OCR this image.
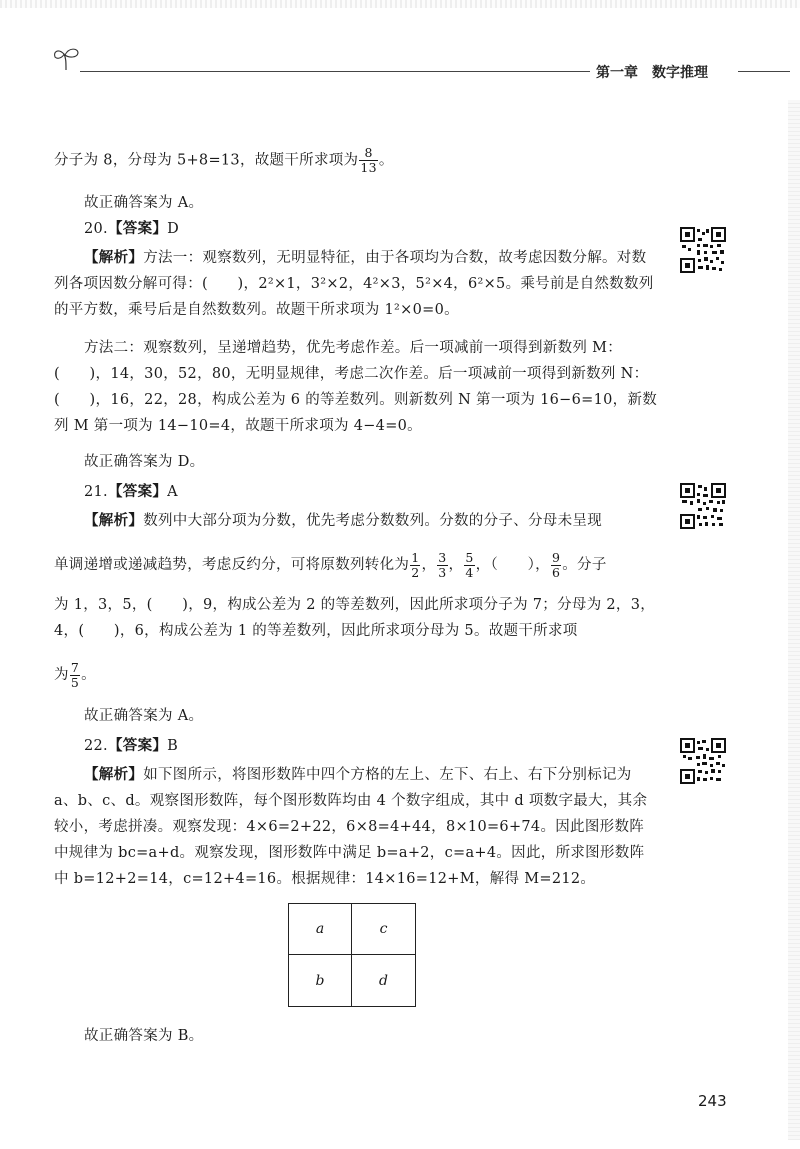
第一章 数字推理
分子为 8，分母为 5+8=13，故题干所求项为 $\frac{8}{13}$ 。
故正确答案为 A。
20.【答案】D
【解析】方法一：观察数列，无明显特征，由于各项均为合数，故考虑因数分解。对数列各项因数分解可得：(　　)，2²×1，3²×2，4²×3，5²×4，6²×5。乘号前是自然数数列的平方数，乘号后是自然数数列。故题干所求项为 1²×0=0。
方法二：观察数列，呈递增趋势，优先考虑作差。后一项减前一项得到新数列 M：(　　)，14，30，52，80，无明显规律，考虑二次作差。后一项减前一项得到新数列 N：(　　)，16，22，28，构成公差为 6 的等差数列。则新数列 N 第一项为 16−6=10，新数列 M 第一项为 14−10=4，故题干所求项为 4−4=0。
故正确答案为 D。
21.【答案】A
【解析】数列中大部分项为分数，优先考虑分数数列。分数的分子、分母未呈现
单调递增或递减趋势，考虑反约分，可将原数列转化为 $\frac{1}{2}$ ， $\frac{3}{3}$ ， $\frac{5}{4}$ ，（　　）， $\frac{9}{6}$ 。分子
为 1，3，5，(　　)，9，构成公差为 2 的等差数列，因此所求项分子为 7；分母为 2，3，4，(　　)，6，构成公差为 1 的等差数列，因此所求项分母为 5。故题干所求项
为 $\frac{7}{5}$ 。
故正确答案为 A。
22.【答案】B
【解析】如下图所示，将图形数阵中四个方格的左上、左下、右上、右下分别标记为 a、b、c、d。观察图形数阵，每个图形数阵均由 4 个数字组成，其中 d 项数字最大，其余较小，考虑拼凑。观察发现：4×6=2+22，6×8=4+44，8×10=6+74。因此图形数阵中规律为 bc=a+d。观察发现，图形数阵中满足 b=a+2，c=a+4。因此，所求图形数阵中 b=12+2=14，c=12+4=16。根据规律：14×16=12+M，解得 M=212。
a	c
b	d
故正确答案为 B。
243
